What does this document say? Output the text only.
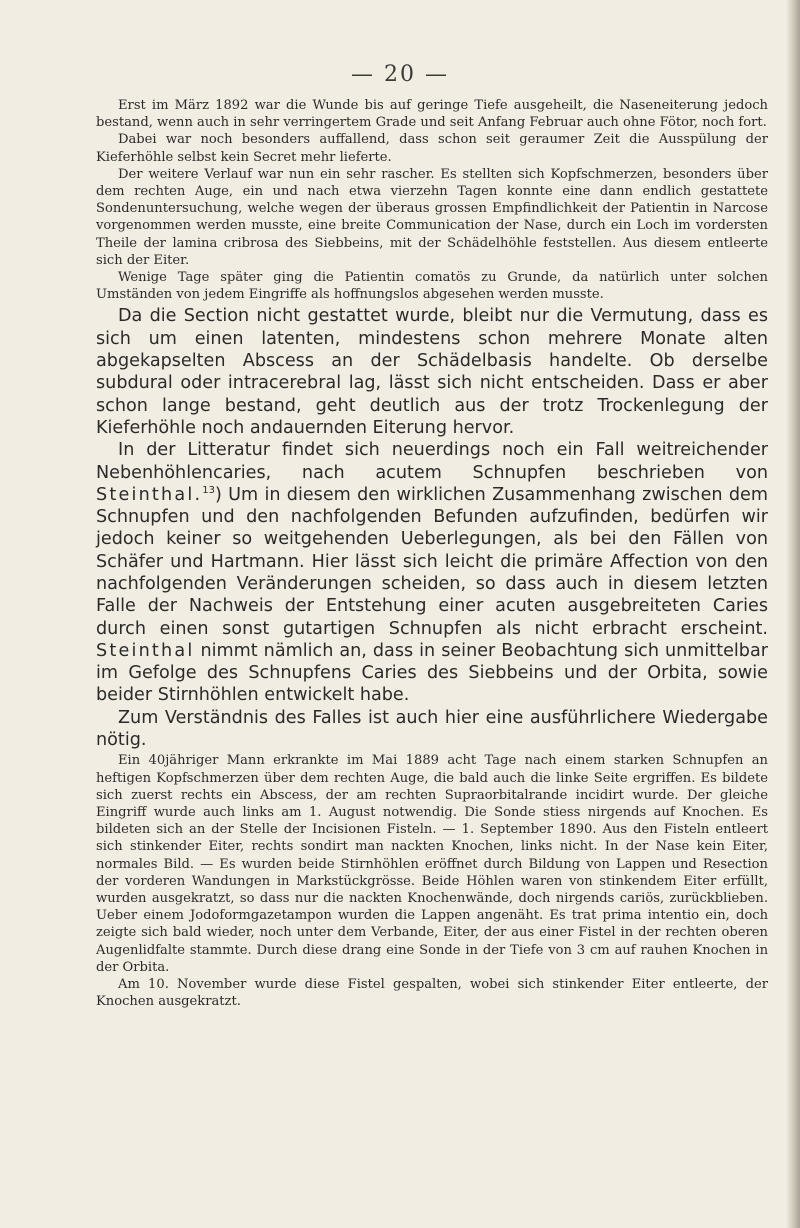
— 20 —

Erst im März 1892 war die Wunde bis auf geringe Tiefe ausgeheilt, die Naseneiterung jedoch bestand, wenn auch in sehr verringertem Grade und seit Anfang Februar auch ohne Fötor, noch fort.

Dabei war noch besonders auffallend, dass schon seit geraumer Zeit die Ausspülung der Kieferhöhle selbst kein Secret mehr lieferte.

Der weitere Verlauf war nun ein sehr rascher. Es stellten sich Kopfschmerzen, besonders über dem rechten Auge, ein und nach etwa vierzehn Tagen konnte eine dann endlich gestattete Sondenuntersuchung, welche wegen der überaus grossen Empfindlichkeit der Patientin in Narcose vorgenommen werden musste, eine breite Communication der Nase, durch ein Loch im vordersten Theile der lamina cribrosa des Siebbeins, mit der Schädelhöhle feststellen. Aus diesem entleerte sich der Eiter.

Wenige Tage später ging die Patientin comatös zu Grunde, da natürlich unter solchen Umständen von jedem Eingriffe als hoffnungslos abgesehen werden musste.

Da die Section nicht gestattet wurde, bleibt nur die Vermutung, dass es sich um einen latenten, mindestens schon mehrere Monate alten abgekapselten Abscess an der Schädelbasis handelte. Ob derselbe subdural oder intracerebral lag, lässt sich nicht entscheiden. Dass er aber schon lange bestand, geht deutlich aus der trotz Trockenlegung der Kieferhöhle noch andauernden Eiterung hervor.

In der Litteratur findet sich neuerdings noch ein Fall weitreichender Nebenhöhlencaries, nach acutem Schnupfen beschrieben von Steinthal.$^{13}$) Um in diesem den wirklichen Zusammenhang zwischen dem Schnupfen und den nachfolgenden Befunden aufzufinden, bedürfen wir jedoch keiner so weitgehenden Ueberlegungen, als bei den Fällen von Schäfer und Hartmann. Hier lässt sich leicht die primäre Affection von den nachfolgenden Veränderungen scheiden, so dass auch in diesem letzten Falle der Nachweis der Entstehung einer acuten ausgebreiteten Caries durch einen sonst gutartigen Schnupfen als nicht erbracht erscheint. Steinthal nimmt nämlich an, dass in seiner Beobachtung sich unmittelbar im Gefolge des Schnupfens Caries des Siebbeins und der Orbita, sowie beider Stirnhöhlen entwickelt habe.

Zum Verständnis des Falles ist auch hier eine ausführlichere Wiedergabe nötig.

Ein 40jähriger Mann erkrankte im Mai 1889 acht Tage nach einem starken Schnupfen an heftigen Kopfschmerzen über dem rechten Auge, die bald auch die linke Seite ergriffen. Es bildete sich zuerst rechts ein Abscess, der am rechten Supraorbitalrande incidirt wurde. Der gleiche Eingriff wurde auch links am 1. August notwendig. Die Sonde stiess nirgends auf Knochen. Es bildeten sich an der Stelle der Incisionen Fisteln. — 1. September 1890. Aus den Fisteln entleert sich stinkender Eiter, rechts sondirt man nackten Knochen, links nicht. In der Nase kein Eiter, normales Bild. — Es wurden beide Stirnhöhlen eröffnet durch Bildung von Lappen und Resection der vorderen Wandungen in Markstückgrösse. Beide Höhlen waren von stinkendem Eiter erfüllt, wurden ausgekratzt, so dass nur die nackten Knochenwände, doch nirgends cariös, zurückblieben. Ueber einem Jodoformgazetampon wurden die Lappen angenäht. Es trat prima intentio ein, doch zeigte sich bald wieder, noch unter dem Verbande, Eiter, der aus einer Fistel in der rechten oberen Augenlidfalte stammte. Durch diese drang eine Sonde in der Tiefe von 3 cm auf rauhen Knochen in der Orbita.

Am 10. November wurde diese Fistel gespalten, wobei sich stinkender Eiter entleerte, der Knochen ausgekratzt.
